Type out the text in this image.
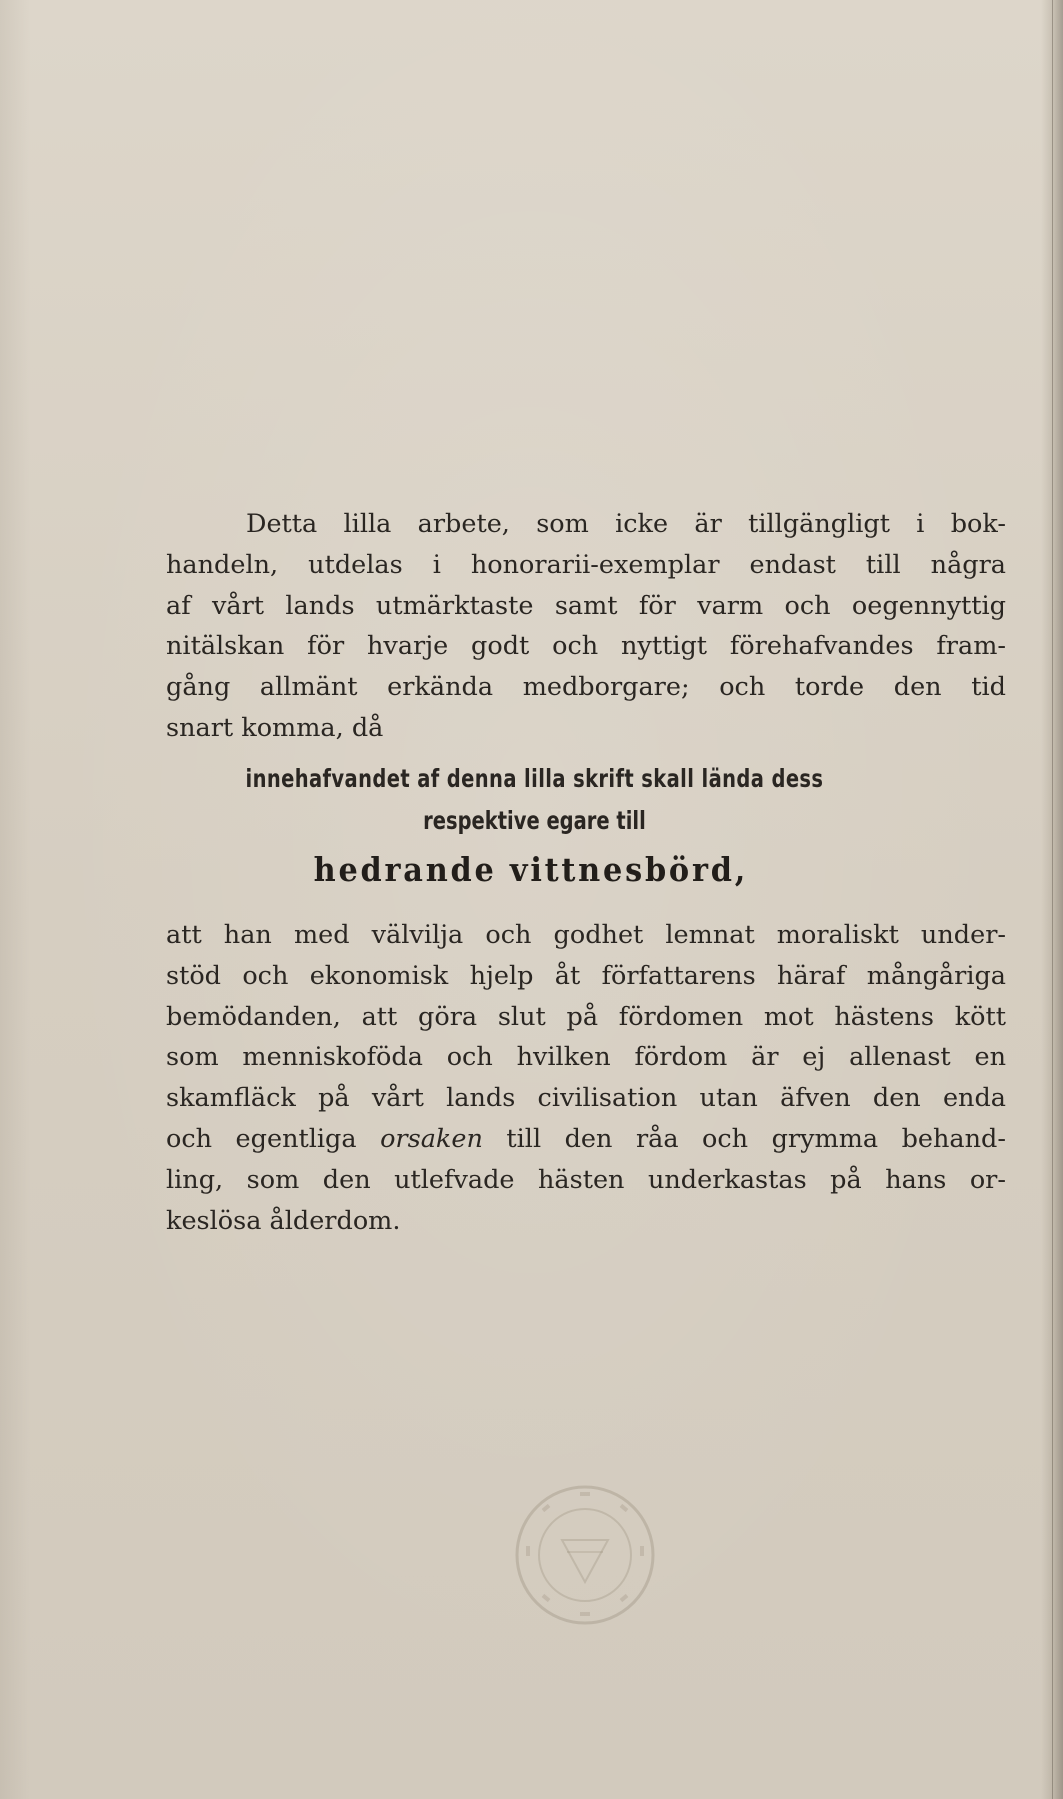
Detta lilla arbete, som icke är tillgängligt i bok-
handeln, utdelas i honorarii-exemplar endast till några
af vårt lands utmärktaste samt för varm och oegennyttig
nitälskan för hvarje godt och nyttigt förehafvandes fram-
gång allmänt erkända medborgare; och torde den tid
snart komma, då
innehafvandet af denna lilla skrift skall lända dess
respektive egare till
hedrande vittnesbörd,
att han med välvilja och godhet lemnat moraliskt under-
stöd och ekonomisk hjelp åt författarens häraf mångåriga
bemödanden, att göra slut på fördomen mot hästens kött
som menniskoföda och hvilken fördom är ej allenast en
skamfläck på vårt lands civilisation utan äfven den enda
och egentliga orsaken till den råa och grymma behand-
ling, som den utlefvade hästen underkastas på hans or-
keslösa ålderdom.
